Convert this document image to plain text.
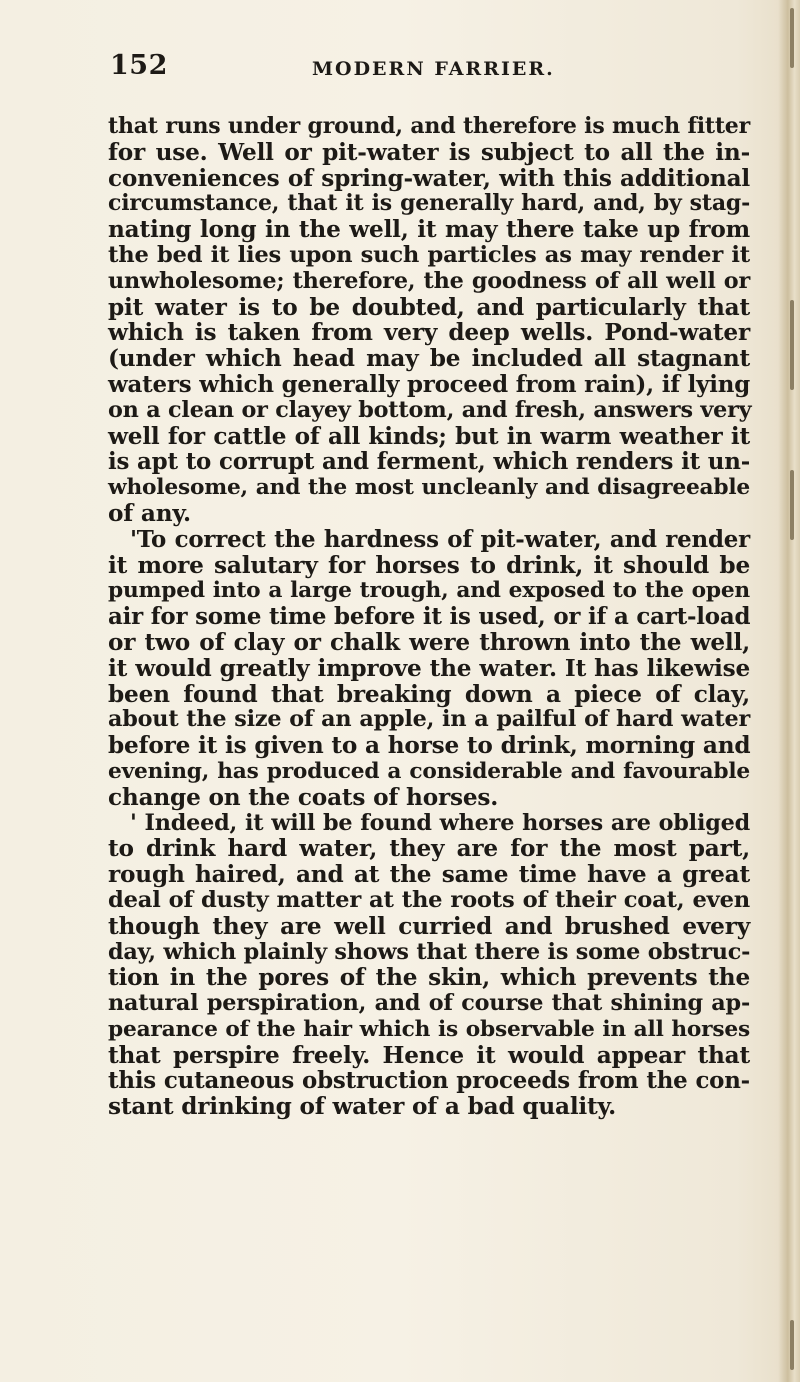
152	MODERN FARRIER.
that runs under ground, and therefore is much fitter
for use. Well or pit-water is subject to all the in-
conveniences of spring-water, with this additional
circumstance, that it is generally hard, and, by stag-
nating long in the well, it may there take up from
the bed it lies upon such particles as may render it
unwholesome; therefore, the goodness of all well or
pit water is to be doubted, and particularly that
which is taken from very deep wells. Pond-water
(under which head may be included all stagnant
waters which generally proceed from rain), if lying
on a clean or clayey bottom, and fresh, answers very
well for cattle of all kinds; but in warm weather it
is apt to corrupt and ferment, which renders it un-
wholesome, and the most uncleanly and disagreeable
of any.
'To correct the hardness of pit-water, and render
it more salutary for horses to drink, it should be
pumped into a large trough, and exposed to the open
air for some time before it is used, or if a cart-load
or two of clay or chalk were thrown into the well,
it would greatly improve the water. It has likewise
been found that breaking down a piece of clay,
about the size of an apple, in a pailful of hard water
before it is given to a horse to drink, morning and
evening, has produced a considerable and favourable
change on the coats of horses.
' Indeed, it will be found where horses are obliged
to drink hard water, they are for the most part,
rough haired, and at the same time have a great
deal of dusty matter at the roots of their coat, even
though they are well curried and brushed every
day, which plainly shows that there is some obstruc-
tion in the pores of the skin, which prevents the
natural perspiration, and of course that shining ap-
pearance of the hair which is observable in all horses
that perspire freely. Hence it would appear that
this cutaneous obstruction proceeds from the con-
stant drinking of water of a bad quality.
